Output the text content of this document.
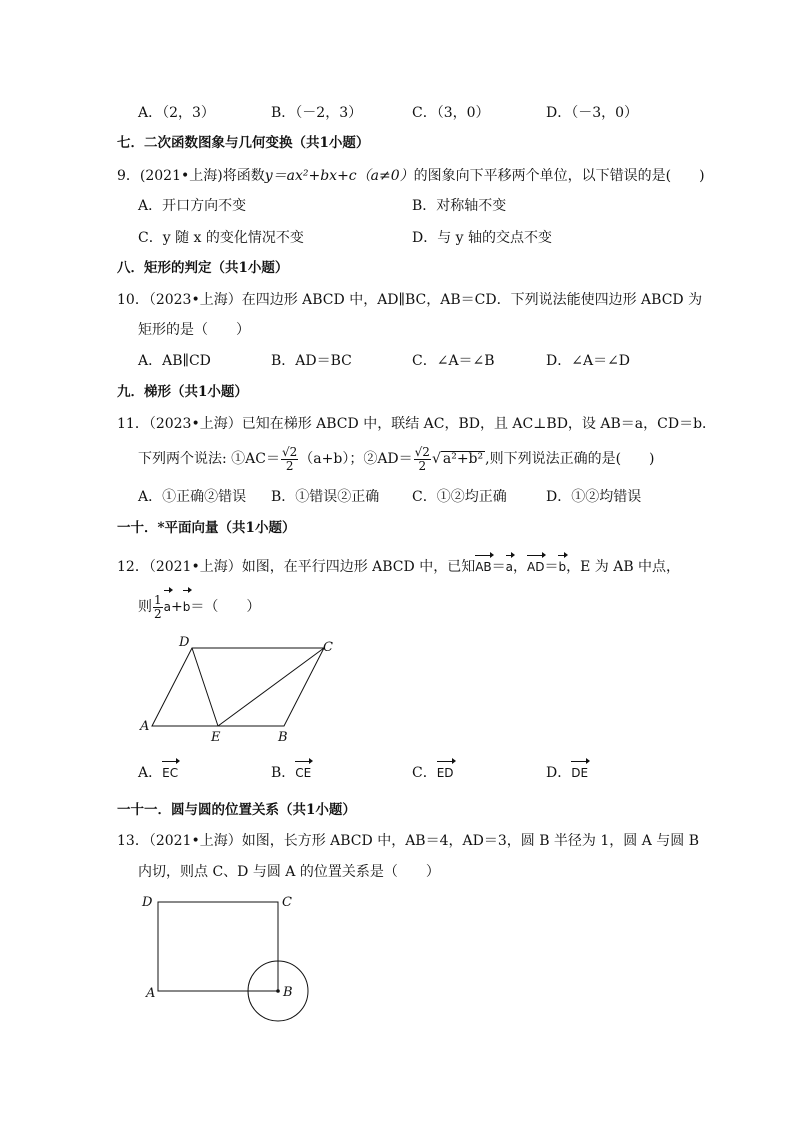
A．（2，3）	B．（－2，3）	C．（3，0）	D．（－3，0）
七．二次函数图象与几何变换（共1小题）
9．(2021•上海)将函数y＝ax²+bx+c（a≠0）的图象向下平移两个单位，以下错误的是(　　)
A．开口方向不变	B．对称轴不变
C．y 随 x 的变化情况不变	D．与 y 轴的交点不变
八．矩形的判定（共1小题）
10．（2023•上海）在四边形 ABCD 中，AD∥BC，AB＝CD．下列说法能使四边形 ABCD 为
矩形的是（　　）
A．AB∥CD	B．AD＝BC	C．∠A＝∠B	D．∠A＝∠D
九．梯形（共1小题）
11．（2023•上海）已知在梯形 ABCD 中，联结 AC，BD，且 AC⊥BD，设 AB＝a，CD＝b．
下列两个说法: ①AC＝ $\frac{√2}{2} (a+b)$；②AD＝ $\frac{√2}{2}$ √ a²+b² ,则下列说法正确的是(　　)
A．①正确②错误 B．①错误②正确 C．①②均正确	D．①②均错误
一十．*平面向量（共1小题）
12．（2021•上海）如图，在平行四边形 ABCD 中，已知AB＝a，AD＝b，E 为 AB 中点，
则 $\frac{1}{2} a+b=$（　　）
A
D	C
E	B
A．EC	B．CE	C．ED	D．DE
一十一．圆与圆的位置关系（共1小题）
13．（2021•上海）如图，长方形 ABCD 中，AB＝4，AD＝3，圆 B 半径为 1，圆 A 与圆 B
内切，则点 C、D 与圆 A 的位置关系是（　　）
D	C
A	B
